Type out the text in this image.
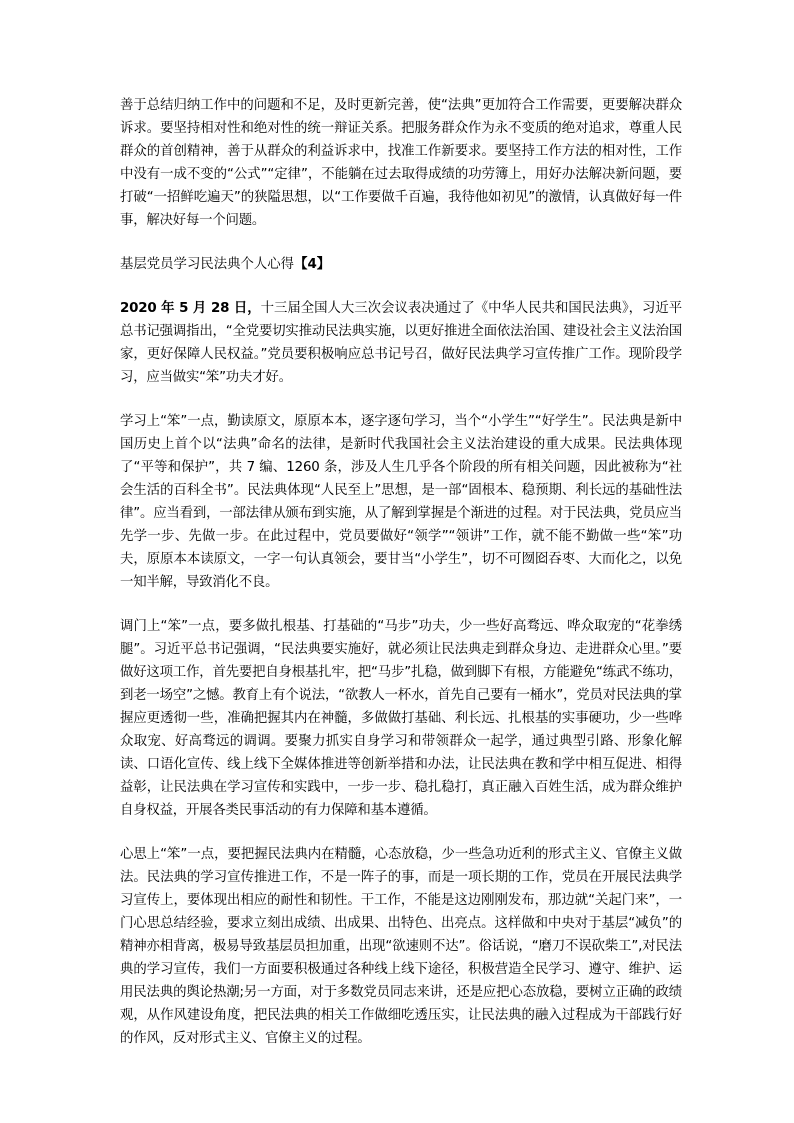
善于总结归纳工作中的问题和不足，及时更新完善，使“法典”更加符合工作需要，更要解决群众诉求。要坚持相对性和绝对性的统一辩证关系。把服务群众作为永不变质的绝对追求，尊重人民群众的首创精神，善于从群众的利益诉求中，找准工作新要求。要坚持工作方法的相对性，工作中没有一成不变的“公式”“定律”，不能躺在过去取得成绩的功劳簿上，用好办法解决新问题，要打破“一招鲜吃遍天”的狭隘思想，以“工作要做千百遍，我待他如初见”的激情，认真做好每一件事，解决好每一个问题。

基层党员学习民法典个人心得【4】

2020 年 5 月 28 日，十三届全国人大三次会议表决通过了《中华人民共和国民法典》，习近平总书记强调指出，“全党要切实推动民法典实施，以更好推进全面依法治国、建设社会主义法治国家，更好保障人民权益。”党员要积极响应总书记号召，做好民法典学习宣传推广工作。现阶段学习，应当做实“笨”功夫才好。

学习上“笨”一点，勤读原文，原原本本，逐字逐句学习，当个“小学生”“好学生”。民法典是新中国历史上首个以“法典”命名的法律，是新时代我国社会主义法治建设的重大成果。民法典体现了“平等和保护”，共 7 编、1260 条，涉及人生几乎各个阶段的所有相关问题，因此被称为“社会生活的百科全书”。民法典体现“人民至上”思想，是一部“固根本、稳预期、利长远的基础性法律”。应当看到，一部法律从颁布到实施，从了解到掌握是个渐进的过程。对于民法典，党员应当先学一步、先做一步。在此过程中，党员要做好“领学”“领讲”工作，就不能不勤做一些“笨”功夫，原原本本读原文，一字一句认真领会，要甘当“小学生”，切不可囫囵吞枣、大而化之，以免一知半解，导致消化不良。

调门上“笨”一点，要多做扎根基、打基础的“马步”功夫，少一些好高骛远、哗众取宠的“花拳绣腿”。习近平总书记强调，“民法典要实施好，就必须让民法典走到群众身边、走进群众心里。”要做好这项工作，首先要把自身根基扎牢，把“马步”扎稳，做到脚下有根，方能避免“练武不练功，到老一场空”之憾。教育上有个说法，“欲教人一杯水，首先自己要有一桶水”，党员对民法典的掌握应更透彻一些，准确把握其内在神髓，多做做打基础、利长远、扎根基的实事硬功，少一些哗众取宠、好高骛远的调调。要聚力抓实自身学习和带领群众一起学，通过典型引路、形象化解读、口语化宣传、线上线下全媒体推进等创新举措和办法，让民法典在教和学中相互促进、相得益彰，让民法典在学习宣传和实践中，一步一步、稳扎稳打，真正融入百姓生活，成为群众维护自身权益，开展各类民事活动的有力保障和基本遵循。

心思上“笨”一点，要把握民法典内在精髓，心态放稳，少一些急功近利的形式主义、官僚主义做法。民法典的学习宣传推进工作，不是一阵子的事，而是一项长期的工作，党员在开展民法典学习宣传上，要体现出相应的耐性和韧性。干工作，不能是这边刚刚发布，那边就“关起门来”，一门心思总结经验，要求立刻出成绩、出成果、出特色、出亮点。这样做和中央对于基层“减负”的精神亦相背离，极易导致基层员担加重，出现“欲速则不达”。俗话说，“磨刀不误砍柴工”,对民法典的学习宣传，我们一方面要积极通过各种线上线下途径，积极营造全民学习、遵守、维护、运用民法典的舆论热潮;另一方面，对于多数党员同志来讲，还是应把心态放稳，要树立正确的政绩观，从作风建设角度，把民法典的相关工作做细吃透压实，让民法典的融入过程成为干部践行好的作风，反对形式主义、官僚主义的过程。
